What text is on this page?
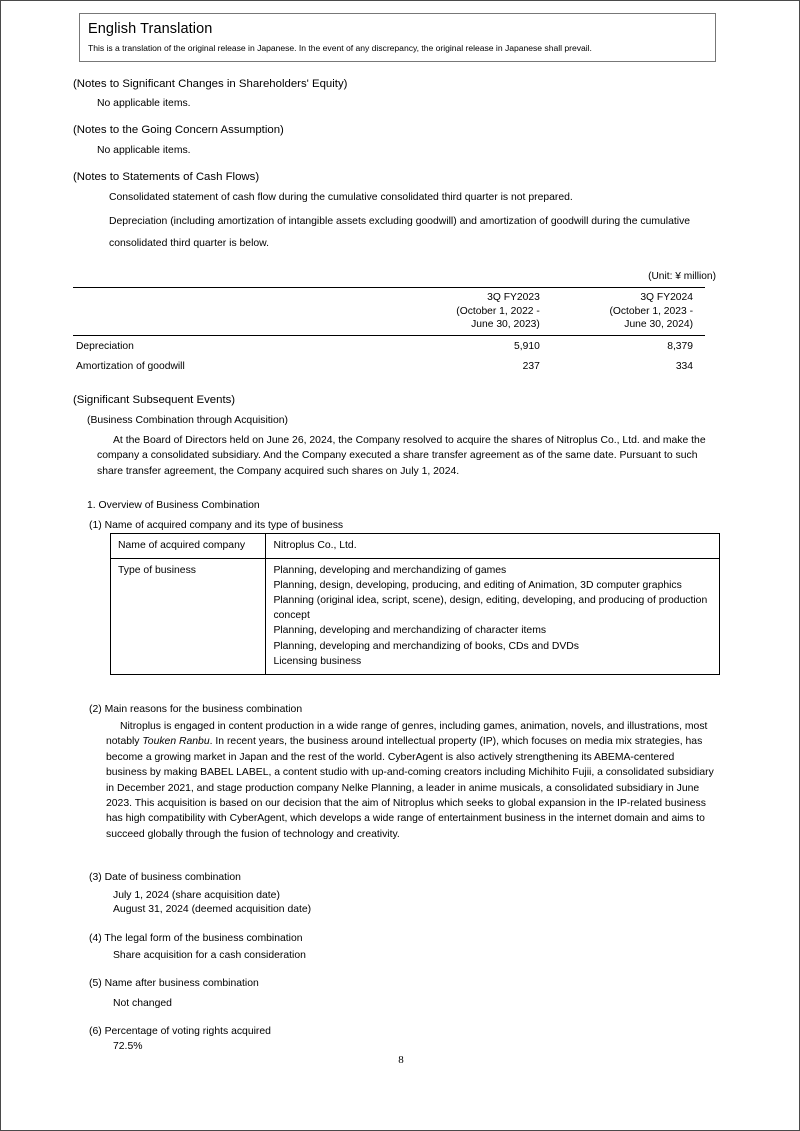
English Translation
This is a translation of the original release in Japanese. In the event of any discrepancy, the original release in Japanese shall prevail.
(Notes to Significant Changes in Shareholders' Equity)
No applicable items.
(Notes to the Going Concern Assumption)
No applicable items.
(Notes to Statements of Cash Flows)
Consolidated statement of cash flow during the cumulative consolidated third quarter is not prepared.
Depreciation (including amortization of intangible assets excluding goodwill) and amortization of goodwill during the cumulative consolidated third quarter is below.
(Unit: ¥ million)
	3Q FY2023
(October 1, 2022 -
June 30, 2023)	3Q FY2024
(October 1, 2023 -
June 30, 2024)
Depreciation	5,910	8,379
Amortization of goodwill	237	334
(Significant Subsequent Events)
(Business Combination through Acquisition)
At the Board of Directors held on June 26, 2024, the Company resolved to acquire the shares of Nitroplus Co., Ltd. and make the company a consolidated subsidiary. And the Company executed a share transfer agreement as of the same date. Pursuant to such share transfer agreement, the Company acquired such shares on July 1, 2024.
1. Overview of Business Combination
(1) Name of acquired company and its type of business
Name of acquired company	Nitroplus Co., Ltd.
Type of business	Planning, developing and merchandizing of games
Planning, design, developing, producing, and editing of Animation, 3D computer graphics
Planning (original idea, script, scene), design, editing, developing, and producing of production concept
Planning, developing and merchandizing of character items
Planning, developing and merchandizing of books, CDs and DVDs
Licensing business
(2) Main reasons for the business combination
Nitroplus is engaged in content production in a wide range of genres, including games, animation, novels, and illustrations, most notably Touken Ranbu. In recent years, the business around intellectual property (IP), which focuses on media mix strategies, has become a growing market in Japan and the rest of the world. CyberAgent is also actively strengthening its ABEMA-centered business by making BABEL LABEL, a content studio with up-and-coming creators including Michihito Fujii, a consolidated subsidiary in December 2021, and stage production company Nelke Planning, a leader in anime musicals, a consolidated subsidiary in June 2023. This acquisition is based on our decision that the aim of Nitroplus which seeks to global expansion in the IP-related business has high compatibility with CyberAgent, which develops a wide range of entertainment business in the internet domain and aims to succeed globally through the fusion of technology and creativity.
(3) Date of business combination
July 1, 2024 (share acquisition date)
August 31, 2024 (deemed acquisition date)
(4) The legal form of the business combination
Share acquisition for a cash consideration
(5) Name after business combination
Not changed
(6) Percentage of voting rights acquired
72.5%
8
